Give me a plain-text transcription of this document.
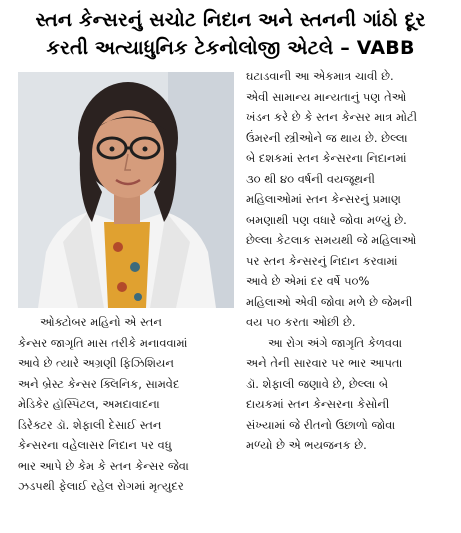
સ્તન કેન્સરનું સચોટ નિદાન અને સ્તનની ગાંઠો દૂર
કરતી અત્યાધુનિક ટેકનોલોજી એટલે – VABB
ઓક્ટોબર મહિનો એ સ્તન
કેન્સર જાગૃતિ માસ તરીકે મનાવવામાં
આવે છે ત્યારે અગ્રણી ફિઝિશિયન
અને બ્રેસ્ટ કેન્સર ક્લિનિક, સામવેદ
મેડિકેર હૉસ્પિટલ, અમદાવાદના
ડિરેક્ટર ડૉ. શેફાલી દેસાઈ સ્તન
કેન્સરના વહેલાસર નિદાન પર વધુ
ભાર આપે છે કેમ કે સ્તન કેન્સર જેવા
ઝડપથી ફેલાઈ રહેલ રોગમાં મૃત્યુદર
ઘટાડવાની આ એકમાત્ર ચાવી છે.
એવી સામાન્ય માન્યતાનું પણ તેઓ
ખંડન કરે છે કે સ્તન કેન્સર માત્ર મોટી
ઉંમરની સ્ત્રીઓને જ થાય છે. છેલ્લા
બે દશકમાં સ્તન કેન્સરના નિદાનમાં
૩૦ થી ૪૦ વર્ષની વયજૂથની
મહિલાઓમાં સ્તન કેન્સરનું પ્રમાણ
બમણાથી પણ વધારે જોવા મળ્યું છે.
છેલ્લા કેટલાક સમયથી જે મહિલાઓ
પર સ્તન કેન્સરનું નિદાન કરવામાં
આવે છે એમાં દર વર્ષે ૫૦%
મહિલાઓ એવી જોવા મળે છે જેમની
વય ૫૦ કરતા ઓછી છે.
આ રોગ અંગે જાગૃતિ કેળવવા
અને તેની સારવાર પર ભાર આપતા
ડૉ. શેફાલી જણાવે છે, છેલ્લા બે
દાયકમાં સ્તન કેન્સરના કેસોની
સંખ્યામાં જે રીતનો ઉછાળો જોવા
મળ્યો છે એ ભયજનક છે.
